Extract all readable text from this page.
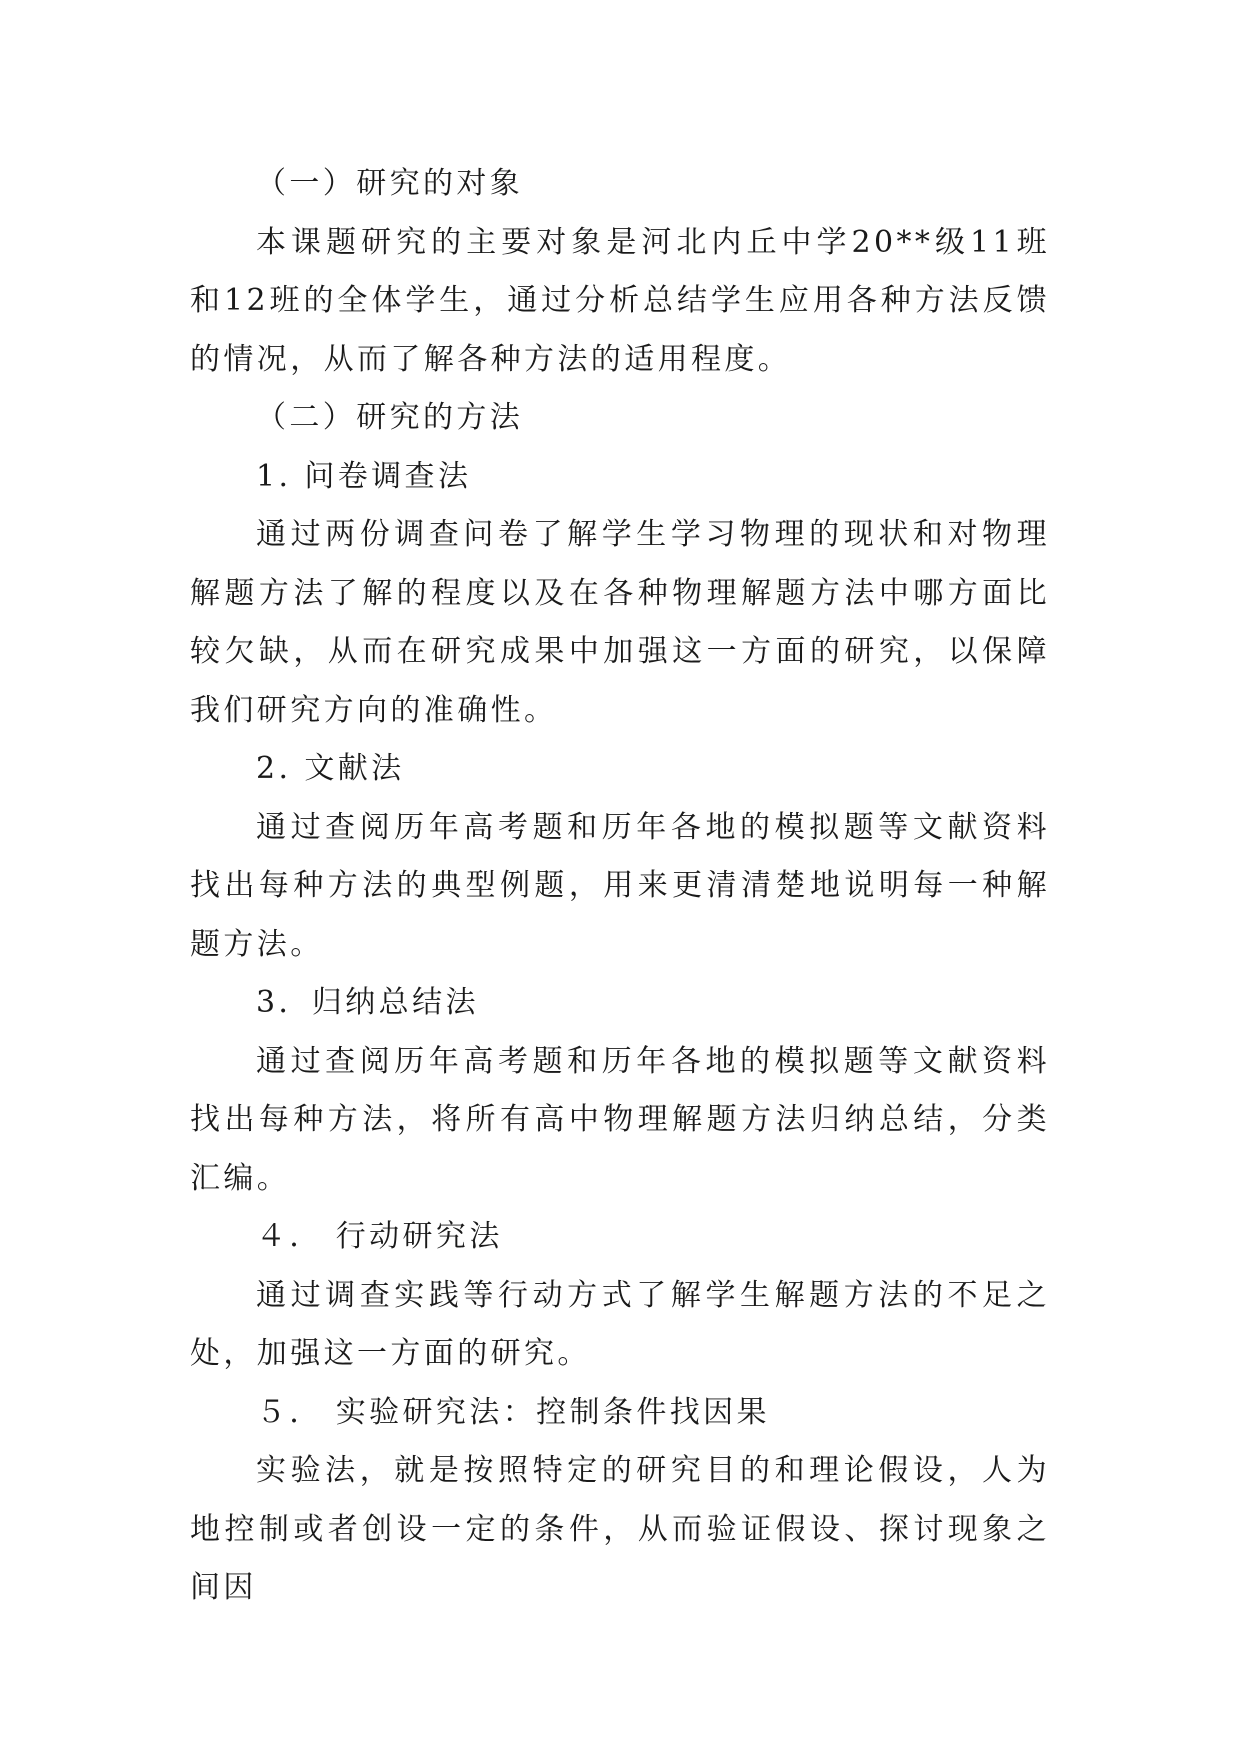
（一）研究的对象

本课题研究的主要对象是河北内丘中学20**级11班和12班的全体学生，通过分析总结学生应用各种方法反馈的情况，从而了解各种方法的适用程度。

（二）研究的方法

1. 问卷调查法

通过两份调查问卷了解学生学习物理的现状和对物理解题方法了解的程度以及在各种物理解题方法中哪方面比较欠缺，从而在研究成果中加强这一方面的研究，以保障我们研究方向的准确性。

2. 文献法

通过查阅历年高考题和历年各地的模拟题等文献资料找出每种方法的典型例题，用来更清清楚地说明每一种解题方法。

3．归纳总结法

通过查阅历年高考题和历年各地的模拟题等文献资料找出每种方法，将所有高中物理解题方法归纳总结，分类汇编。

４． 行动研究法

通过调查实践等行动方式了解学生解题方法的不足之处，加强这一方面的研究。

５． 实验研究法：控制条件找因果

实验法，就是按照特定的研究目的和理论假设，人为地控制或者创设一定的条件，从而验证假设、探讨现象之间因
